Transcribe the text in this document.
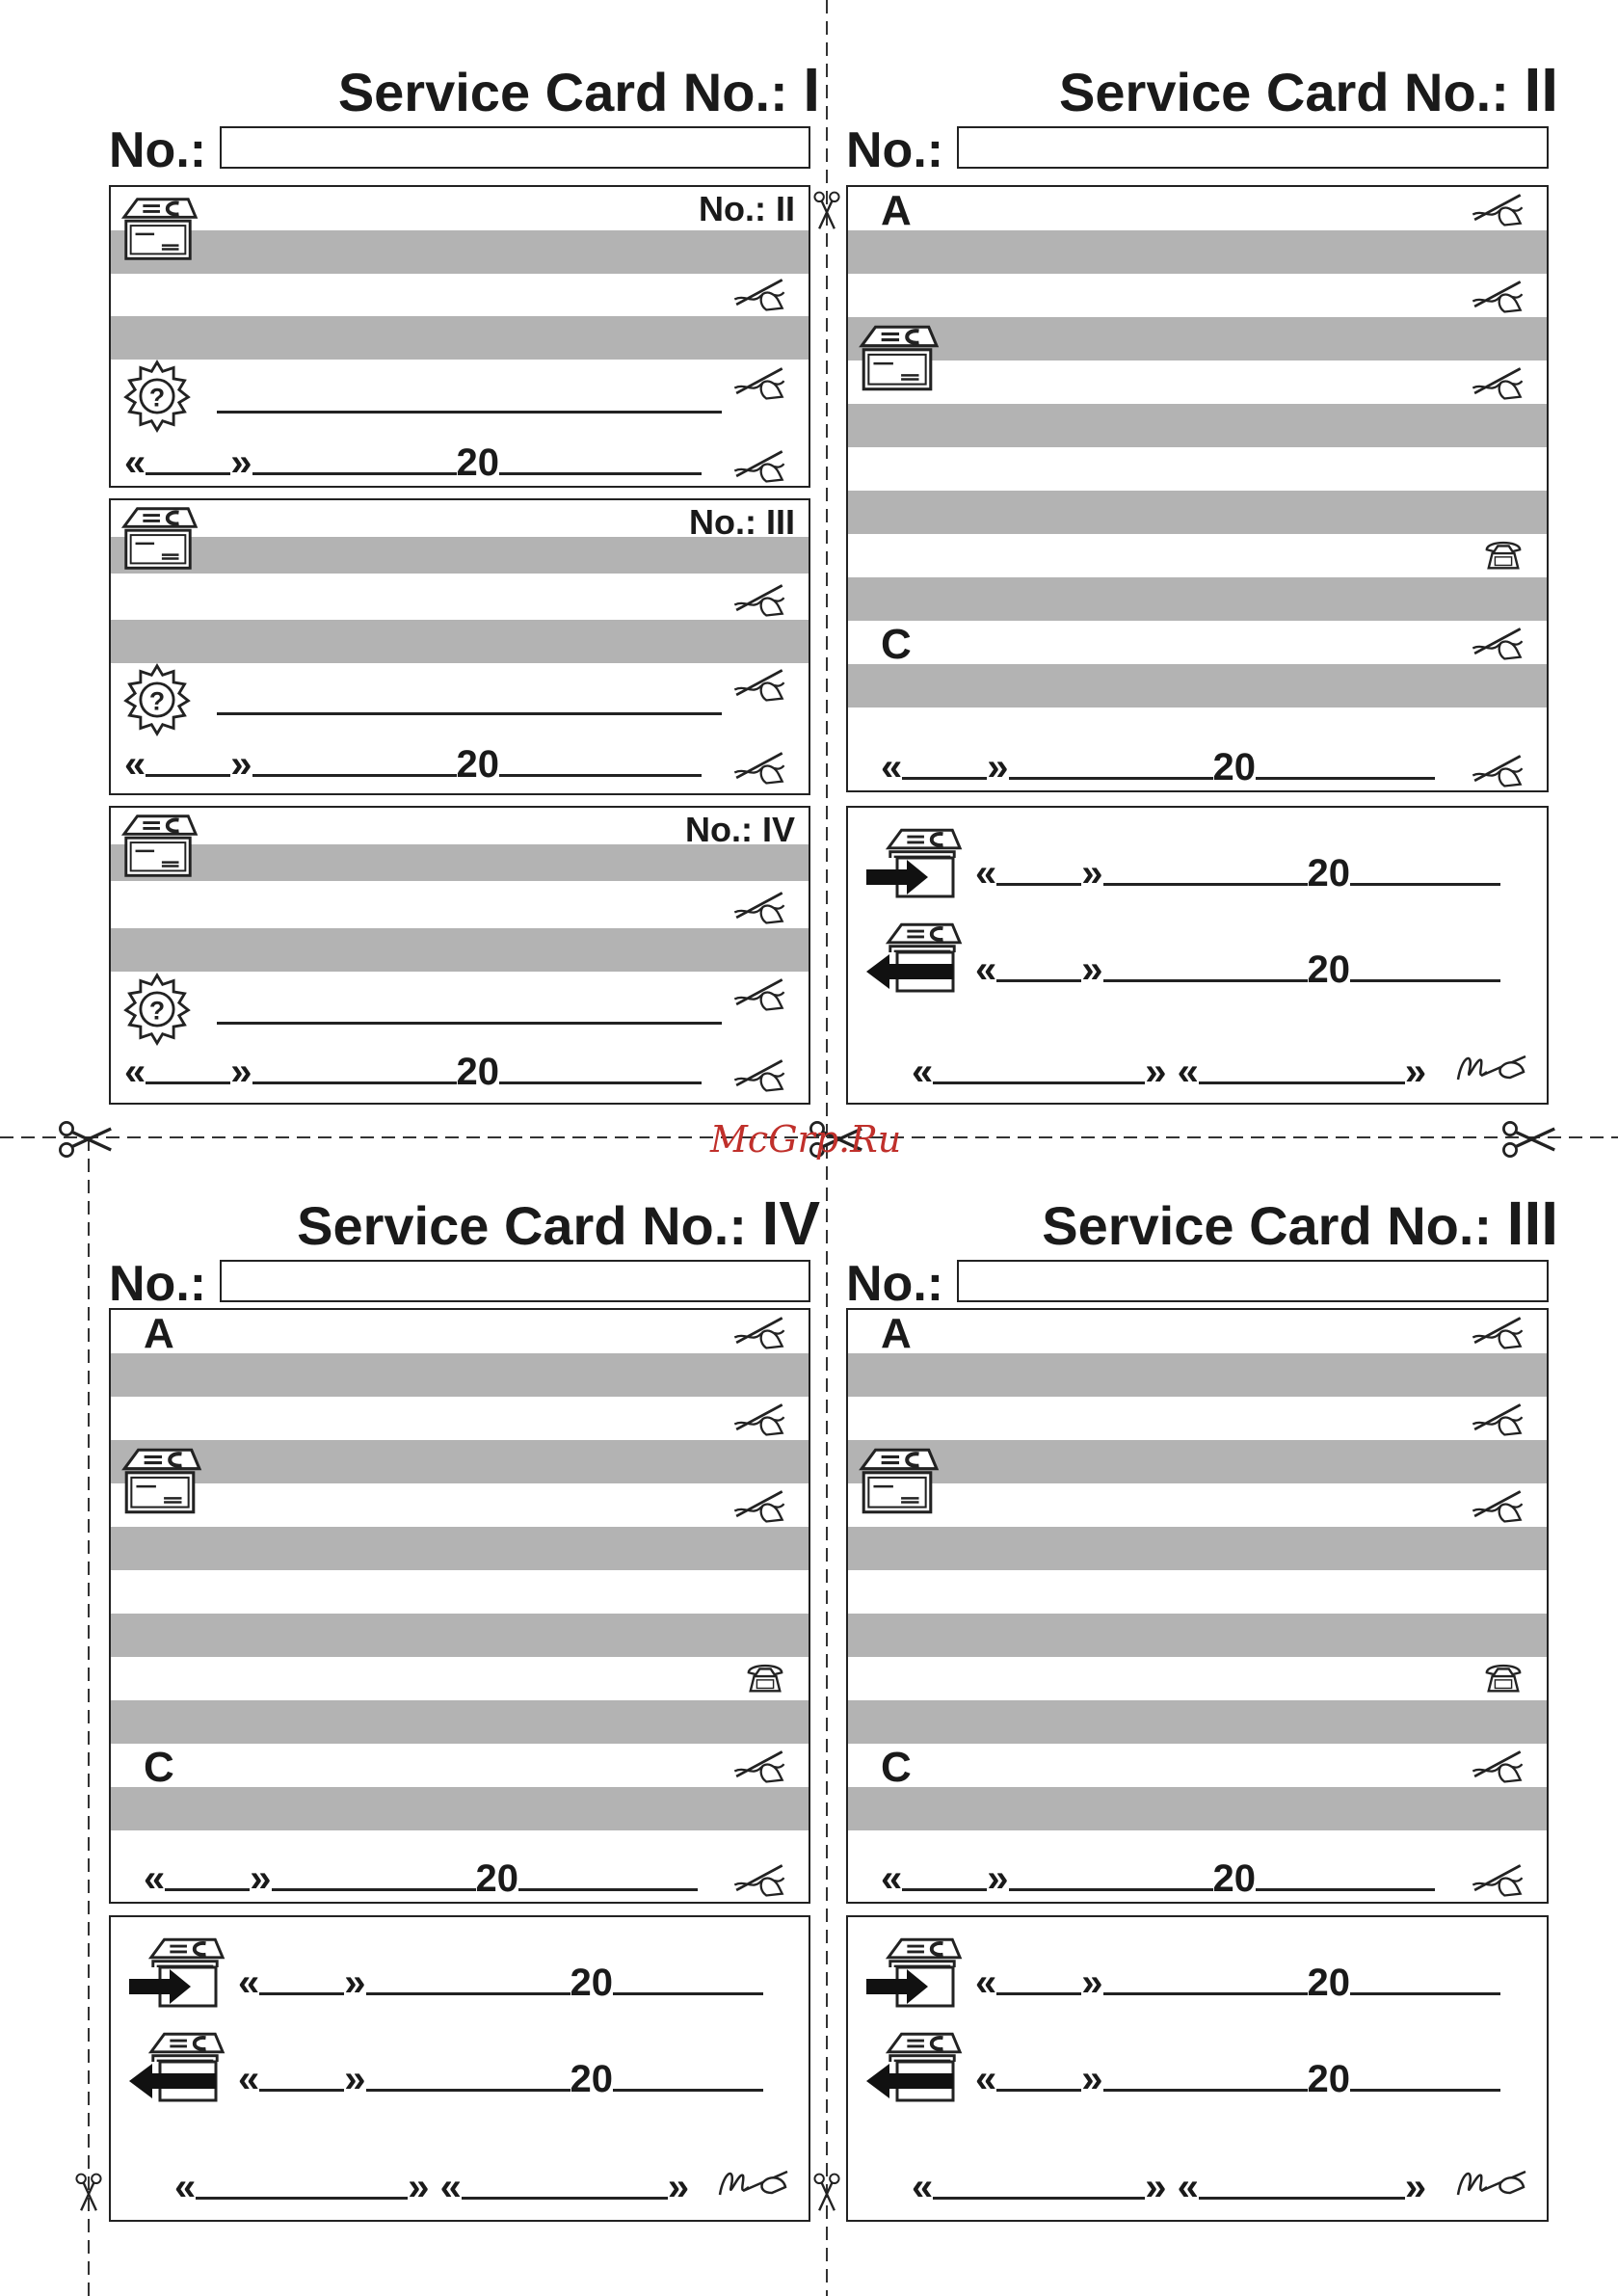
McGrp.Ru
Service Card No.: I
No.:
No.: II
« »	20
No.: III
« »	20
No.: IV
« »	20
Service Card No.: II
No.:
A
C
« »	20
« »	20
« »	20
«	» «	»
Service Card No.: IV
No.:
A
C
« »	20
« »	20
« »	20
«	» «	»
Service Card No.: III
No.:
A
C
« »	20
« »	20
« »	20
«	» «	»
